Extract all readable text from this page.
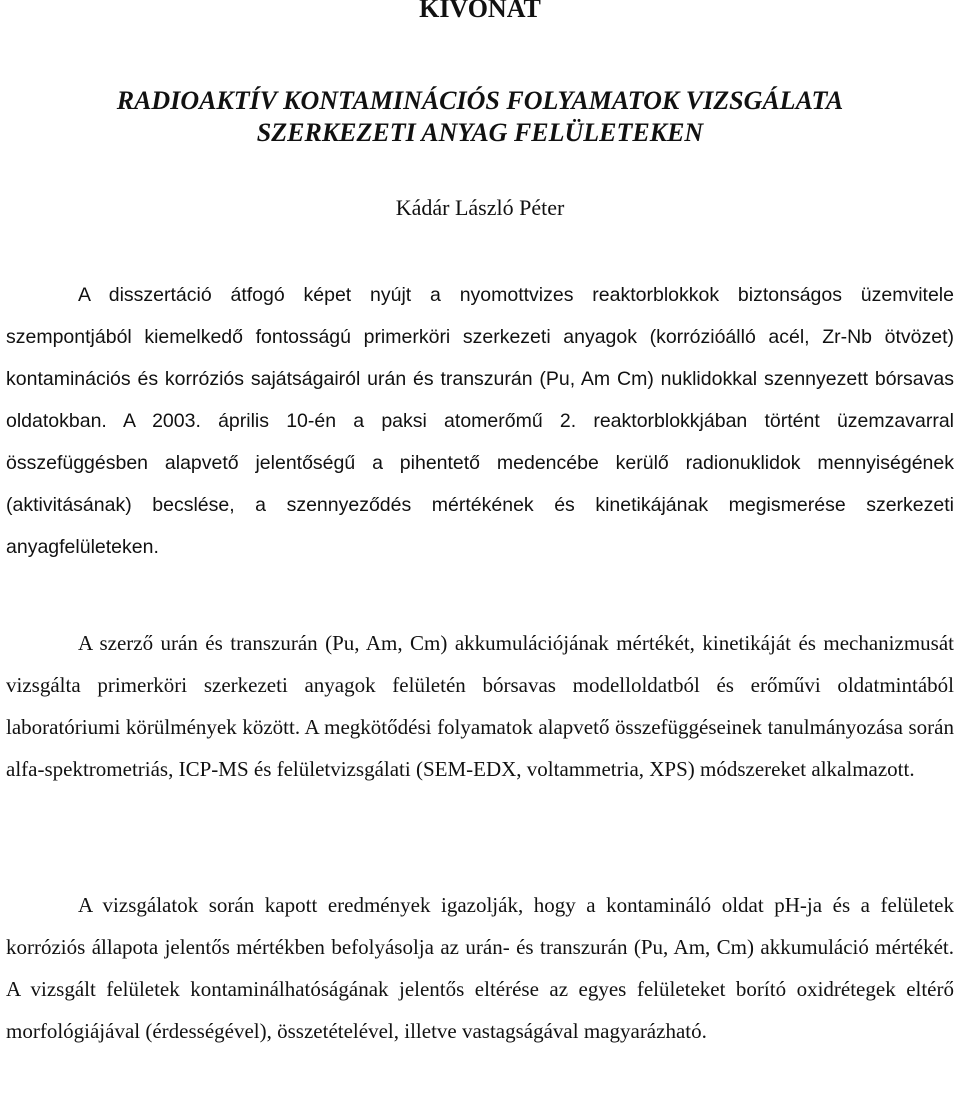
KIVONAT
RADIOAKTÍV KONTAMINÁCIÓS FOLYAMATOK VIZSGÁLATA
SZERKEZETI ANYAG FELÜLETEKEN

Kádár László Péter

A disszertáció átfogó képet nyújt a nyomottvizes reaktorblokkok biztonságos üzemvitele szempontjából kiemelkedő fontosságú primerköri szerkezeti anyagok (korrózióálló acél, Zr-Nb ötvözet) kontaminációs és korróziós sajátságairól urán és transzurán (Pu, Am Cm) nuklidokkal szennyezett bórsavas oldatokban. A 2003. április 10-én a paksi atomerőmű 2. reaktorblokkjában történt üzemzavarral összefüggésben alapvető jelentőségű a pihentető medencébe kerülő radionuklidok mennyiségének (aktivitásának) becslése, a szennyeződés mértékének és kinetikájának megismerése szerkezeti anyagfelületeken.

A szerző urán és transzurán (Pu, Am, Cm) akkumulációjának mértékét, kinetikáját és mechanizmusát vizsgálta primerköri szerkezeti anyagok felületén bórsavas modelloldatból és erőművi oldatmintából laboratóriumi körülmények között. A megkötődési folyamatok alapvető összefüggéseinek tanulmányozása során alfa-spektrometriás, ICP-MS és felületvizsgálati (SEM-EDX, voltammetria, XPS) módszereket alkalmazott.

A vizsgálatok során kapott eredmények igazolják, hogy a kontamináló oldat pH-ja és a felületek korróziós állapota jelentős mértékben befolyásolja az urán- és transzurán (Pu, Am, Cm) akkumuláció mértékét. A vizsgált felületek kontaminálhatóságának jelentős eltérése az egyes felületeket borító oxidrétegek eltérő morfológiájával (érdességével), összetételével, illetve vastagságával magyarázható.
